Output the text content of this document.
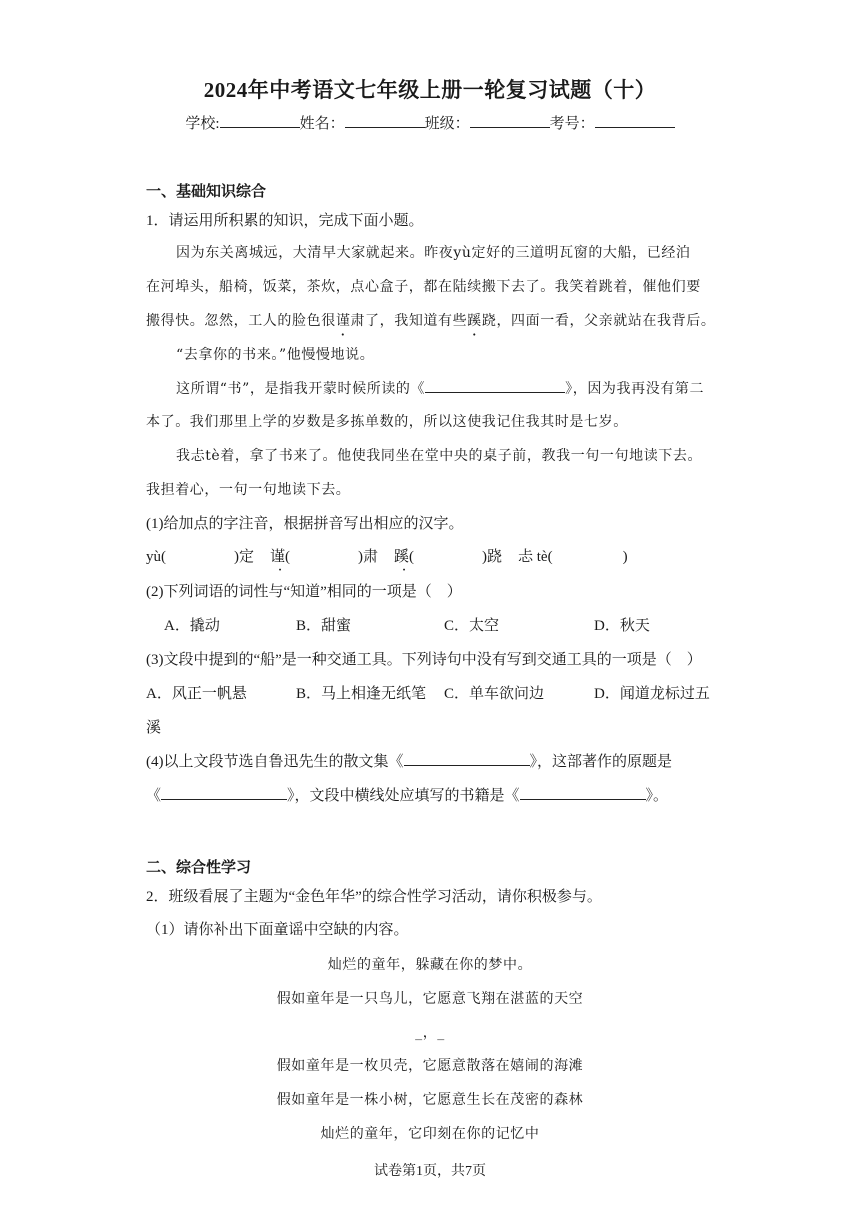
2024年中考语文七年级上册一轮复习试题（十）
学校:	姓名：	班级：	考号：
一、基础知识综合
1．请运用所积累的知识，完成下面小题。
因为东关离城远，大清早大家就起来。昨夜yù定好的三道明瓦窗的大船，已经泊
在河埠头，船椅，饭菜，茶炊，点心盒子，都在陆续搬下去了。我笑着跳着，催他们要
搬得快。忽然，工人的脸色很谨肃了，我知道有些蹊跷，四面一看，父亲就站在我背后。
“去拿你的书来。”他慢慢地说。
这所谓“书”，是指我开蒙时候所读的《	》，因为我再没有第二
本了。我们那里上学的岁数是多拣单数的，所以这使我记住我其时是七岁。
我忐tè着，拿了书来了。他使我同坐在堂中央的桌子前，教我一句一句地读下去。
我担着心，一句一句地读下去。
(1)给加点的字注音，根据拼音写出相应的汉字。
yù(	)定 谨( ·	)肃 蹊( ·	)跷 忐 tè(	)
(2)下列词语的词性与“知道”相同的一项是（　）
A．撬动	B．甜蜜	C．太空	D．秋天
(3)文段中提到的“船”是一种交通工具。下列诗句中没有写到交通工具的一项是（　）
A．风正一帆悬	B．马上相逢无纸笔 C．单车欲问边	D．闻道龙标过五
溪
(4)以上文段节选自鲁迅先生的散文集《	》，这部著作的原题是
《	》，文段中横线处应填写的书籍是《	》。
二、综合性学习
2．班级看展了主题为“金色年华”的综合性学习活动，请你积极参与。
（1）请你补出下面童谣中空缺的内容。
灿烂的童年，躲藏在你的梦中。
假如童年是一只鸟儿，它愿意飞翔在湛蓝的天空
_，_
假如童年是一枚贝壳，它愿意散落在嬉闹的海滩
假如童年是一株小树，它愿意生长在茂密的森林
灿烂的童年，它印刻在你的记忆中
试卷第1页，共7页
